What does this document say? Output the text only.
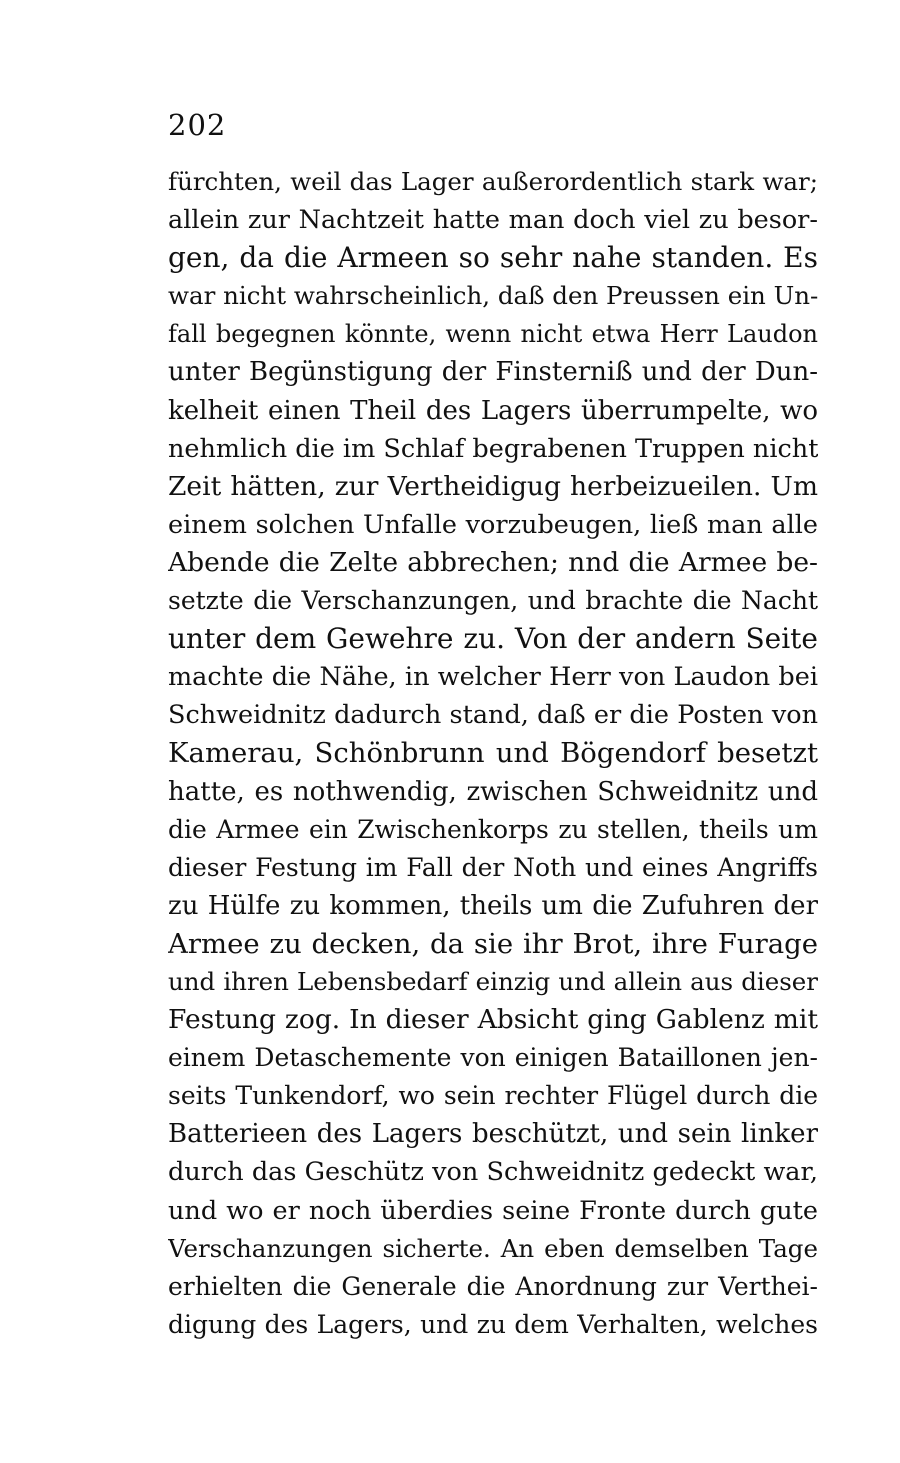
202
fürchten, weil das Lager außerordentlich stark war;
allein zur Nachtzeit hatte man doch viel zu besor-
gen, da die Armeen so sehr nahe standen. Es
war nicht wahrscheinlich, daß den Preussen ein Un-
fall begegnen könnte, wenn nicht etwa Herr Laudon
unter Begünstigung der Finsterniß und der Dun-
kelheit einen Theil des Lagers überrumpelte, wo
nehmlich die im Schlaf begrabenen Truppen nicht
Zeit hätten, zur Vertheidigug herbeizueilen. Um
einem solchen Unfalle vorzubeugen, ließ man alle
Abende die Zelte abbrechen; nnd die Armee be-
setzte die Verschanzungen, und brachte die Nacht
unter dem Gewehre zu. Von der andern Seite
machte die Nähe, in welcher Herr von Laudon bei
Schweidnitz dadurch stand, daß er die Posten von
Kamerau, Schönbrunn und Bögendorf besetzt
hatte, es nothwendig, zwischen Schweidnitz und
die Armee ein Zwischenkorps zu stellen, theils um
dieser Festung im Fall der Noth und eines Angriffs
zu Hülfe zu kommen, theils um die Zufuhren der
Armee zu decken, da sie ihr Brot, ihre Furage
und ihren Lebensbedarf einzig und allein aus dieser
Festung zog. In dieser Absicht ging Gablenz mit
einem Detaschemente von einigen Bataillonen jen-
seits Tunkendorf, wo sein rechter Flügel durch die
Batterieen des Lagers beschützt, und sein linker
durch das Geschütz von Schweidnitz gedeckt war,
und wo er noch überdies seine Fronte durch gute
Verschanzungen sicherte. An eben demselben Tage
erhielten die Generale die Anordnung zur Verthei-
digung des Lagers, und zu dem Verhalten, welches
